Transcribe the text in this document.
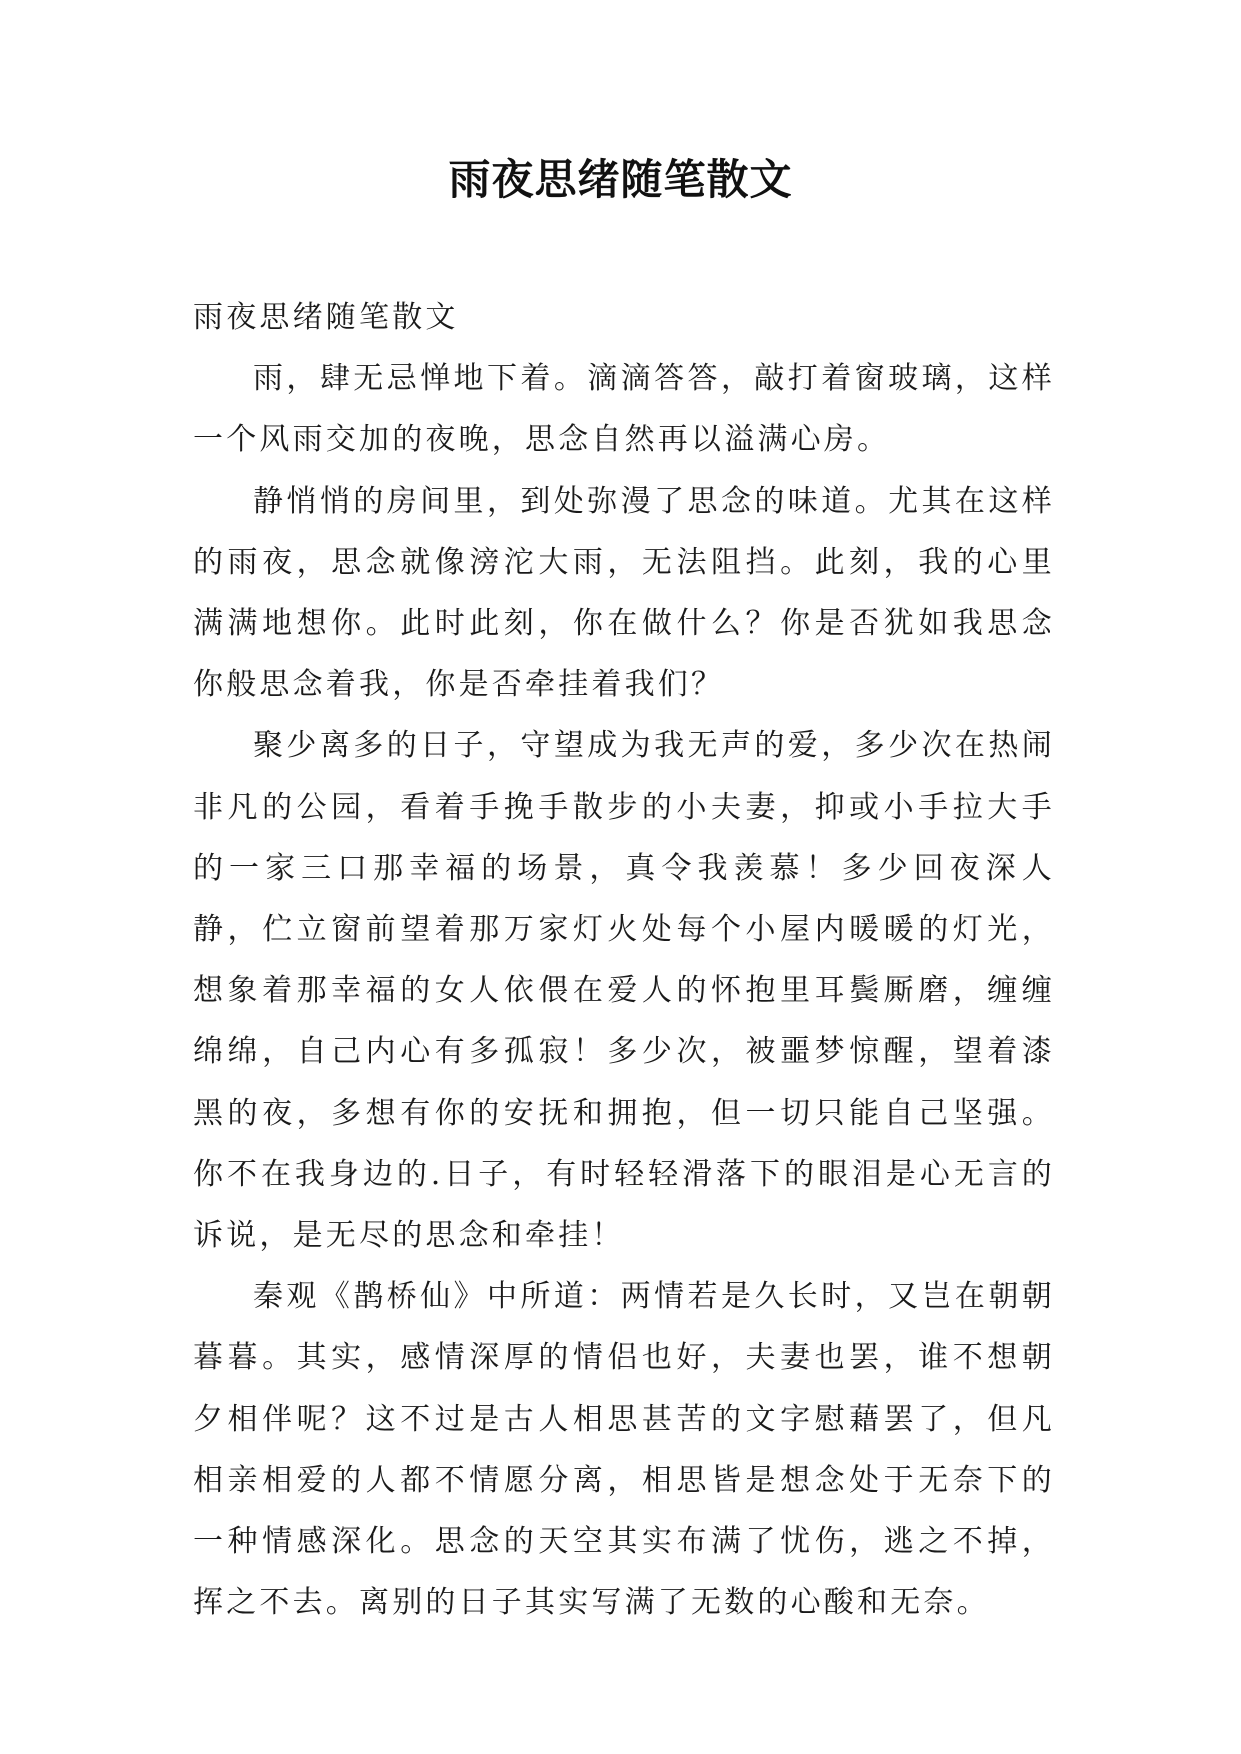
雨夜思绪随笔散文

雨夜思绪随笔散文

雨，肆无忌惮地下着。滴滴答答，敲打着窗玻璃，这样一个风雨交加的夜晚，思念自然再以溢满心房。

静悄悄的房间里，到处弥漫了思念的味道。尤其在这样的雨夜，思念就像滂沱大雨，无法阻挡。此刻，我的心里满满地想你。此时此刻，你在做什么？你是否犹如我思念你般思念着我，你是否牵挂着我们？

聚少离多的日子，守望成为我无声的爱，多少次在热闹非凡的公园，看着手挽手散步的小夫妻，抑或小手拉大手的一家三口那幸福的场景，真令我羡慕！多少回夜深人静，伫立窗前望着那万家灯火处每个小屋内暖暖的灯光，想象着那幸福的女人依偎在爱人的怀抱里耳鬓厮磨，缠缠绵绵，自己内心有多孤寂！多少次，被噩梦惊醒，望着漆黑的夜，多想有你的安抚和拥抱，但一切只能自己坚强。你不在我身边的.日子，有时轻轻滑落下的眼泪是心无言的诉说，是无尽的思念和牵挂！

秦观《鹊桥仙》中所道：两情若是久长时，又岂在朝朝暮暮。其实，感情深厚的情侣也好，夫妻也罢，谁不想朝夕相伴呢？这不过是古人相思甚苦的文字慰藉罢了，但凡相亲相爱的人都不情愿分离，相思皆是想念处于无奈下的一种情感深化。思念的天空其实布满了忧伤，逃之不掉，挥之不去。离别的日子其实写满了无数的心酸和无奈。
